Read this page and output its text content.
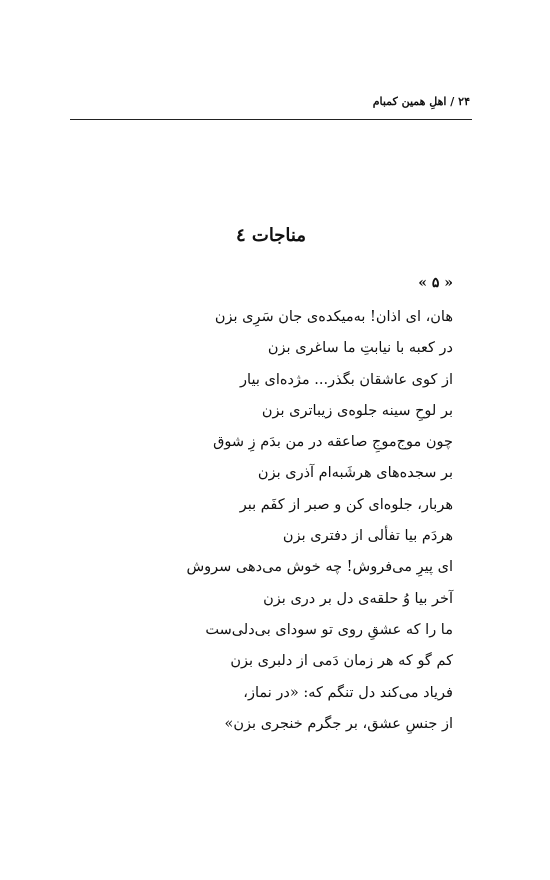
۲۴ / اهلِ همین کمبام
مناجات ٤
« ۵ »
هان، ای اذان! به‌میکده‌ی جان سَرِی بزن
در کعبه با نیابتِ ما ساغری بزن
از کوی عاشقان بگذر... مژده‌ای بیار
بر لوحِ سینه جلوه‌ی زیباتری بزن
چون موج‌موجِ صاعقه در من بدَم زِ شوق
بر سجده‌های هرشَبه‌ام آذری بزن
هربار، جلوه‌ای کن و صبر از کفَم ببر
هردَم بیا تفألی از دفتری بزن
ای پیرِ می‌فروش! چه خوش می‌دهی سروش
آخر بیا وُ حلقه‌ی دل بر دری بزن
ما را که عشقِ روی تو سودای بی‌دلی‌ست
کم گو که هر زمان دَمی از دلبری بزن
فریاد می‌کند دل تنگم که: «در نماز،
از جنسِ عشق، بر جگرم خنجری بزن»
